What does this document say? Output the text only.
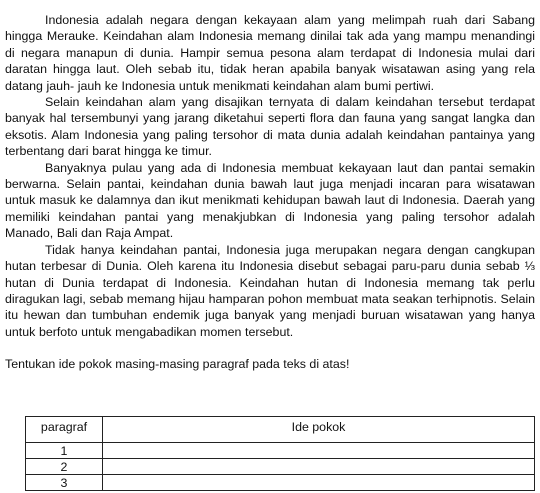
Indonesia adalah negara dengan kekayaan alam yang melimpah ruah dari Sabang hingga Merauke. Keindahan alam Indonesia memang dinilai tak ada yang mampu menandingi di negara manapun di dunia. Hampir semua pesona alam terdapat di Indonesia mulai dari daratan hingga laut. Oleh sebab itu, tidak heran apabila banyak wisatawan asing yang rela datang jauh- jauh ke Indonesia untuk menikmati keindahan alam bumi pertiwi.

Selain keindahan alam yang disajikan ternyata di dalam keindahan tersebut terdapat banyak hal tersembunyi yang jarang diketahui seperti flora dan fauna yang sangat langka dan eksotis. Alam Indonesia yang paling tersohor di mata dunia adalah keindahan pantainya yang terbentang dari barat hingga ke timur.

Banyaknya pulau yang ada di Indonesia membuat kekayaan laut dan pantai semakin berwarna. Selain pantai, keindahan dunia bawah laut juga menjadi incaran para wisatawan untuk masuk ke dalamnya dan ikut menikmati kehidupan bawah laut di Indonesia. Daerah yang memiliki keindahan pantai yang menakjubkan di Indonesia yang paling tersohor adalah Manado, Bali dan Raja Ampat.

Tidak hanya keindahan pantai, Indonesia juga merupakan negara dengan cangkupan hutan terbesar di Dunia. Oleh karena itu Indonesia disebut sebagai paru-paru dunia sebab ⅓ hutan di Dunia terdapat di Indonesia. Keindahan hutan di Indonesia memang tak perlu diragukan lagi, sebab memang hijau hamparan pohon membuat mata seakan terhipnotis. Selain itu hewan dan tumbuhan endemik juga banyak yang menjadi buruan wisatawan yang hanya untuk berfoto untuk mengabadikan momen tersebut.

Tentukan ide pokok masing-masing paragraf pada teks di atas!

paragraf	Ide pokok
1	
2	
3	
